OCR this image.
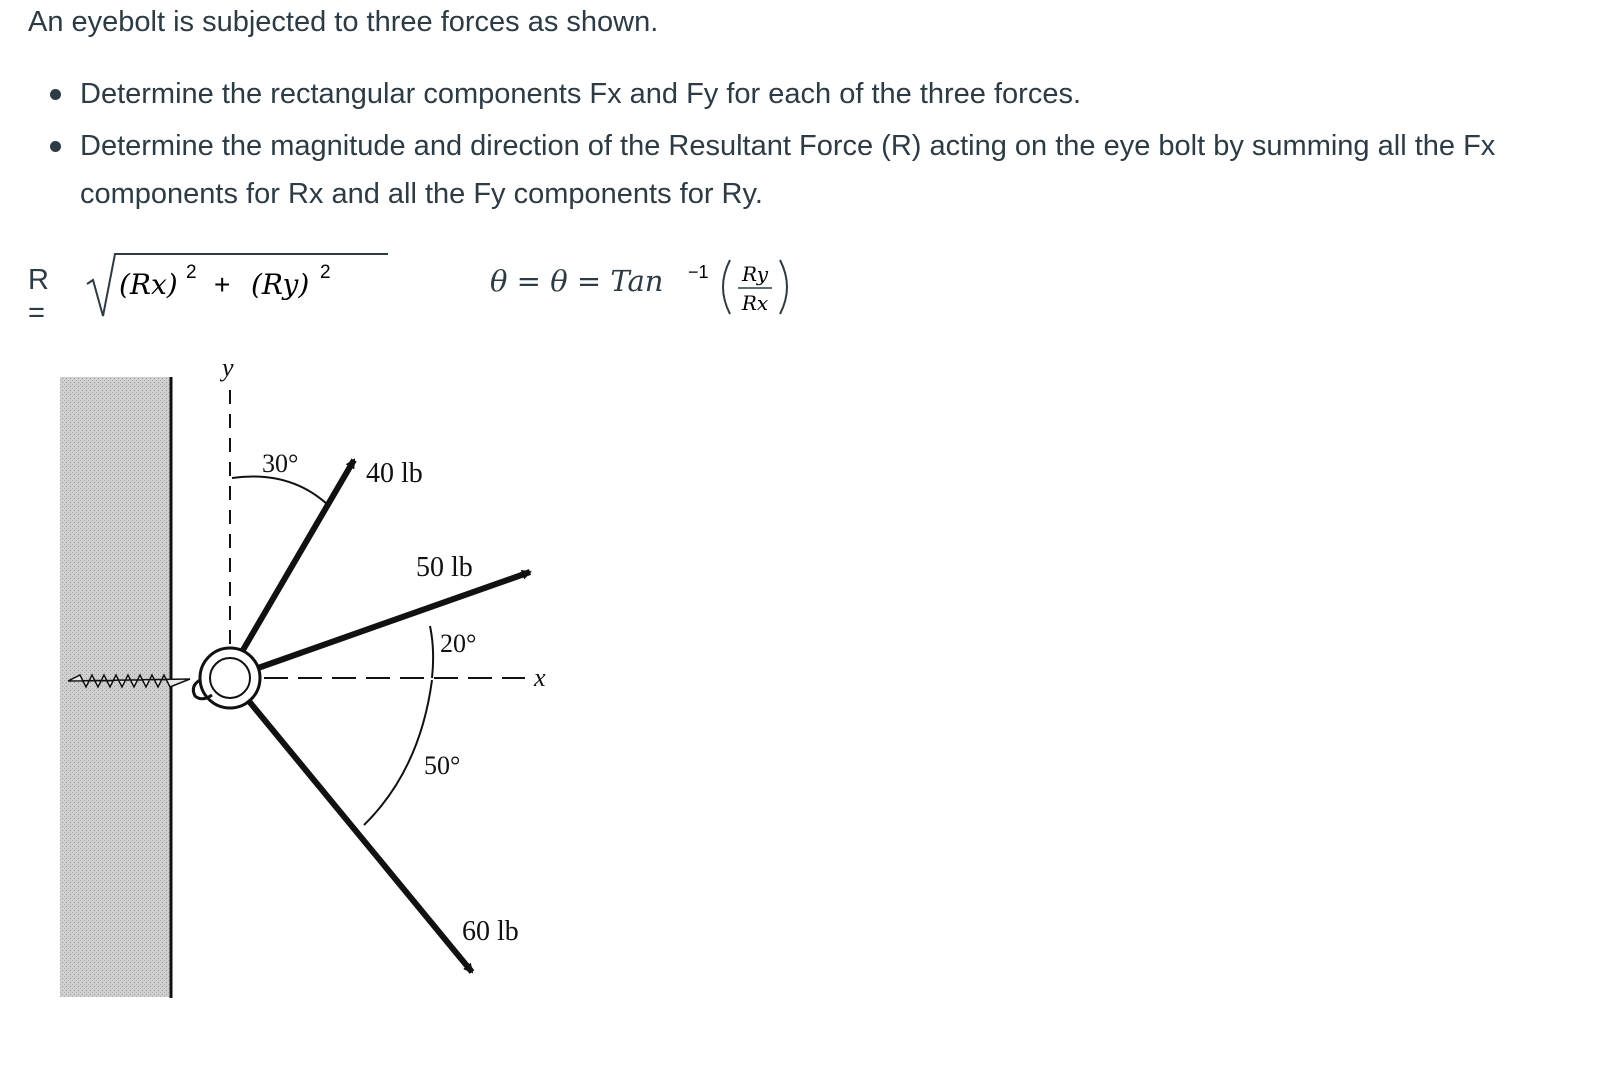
An eyebolt is subjected to three forces as shown.

Determine the rectangular components Fx and Fy for each of the three forces.
Determine the magnitude and direction of the Resultant Force (R) acting on the eye bolt by summing all the Fx components for Rx and all the Fy components for Ry.
R =
(Rx) 2 + (Ry) 2	θ = θ = Tan −1 Ry
Rx
y
x
30° 40 lb
50 lb
20°
50°
60 lb
